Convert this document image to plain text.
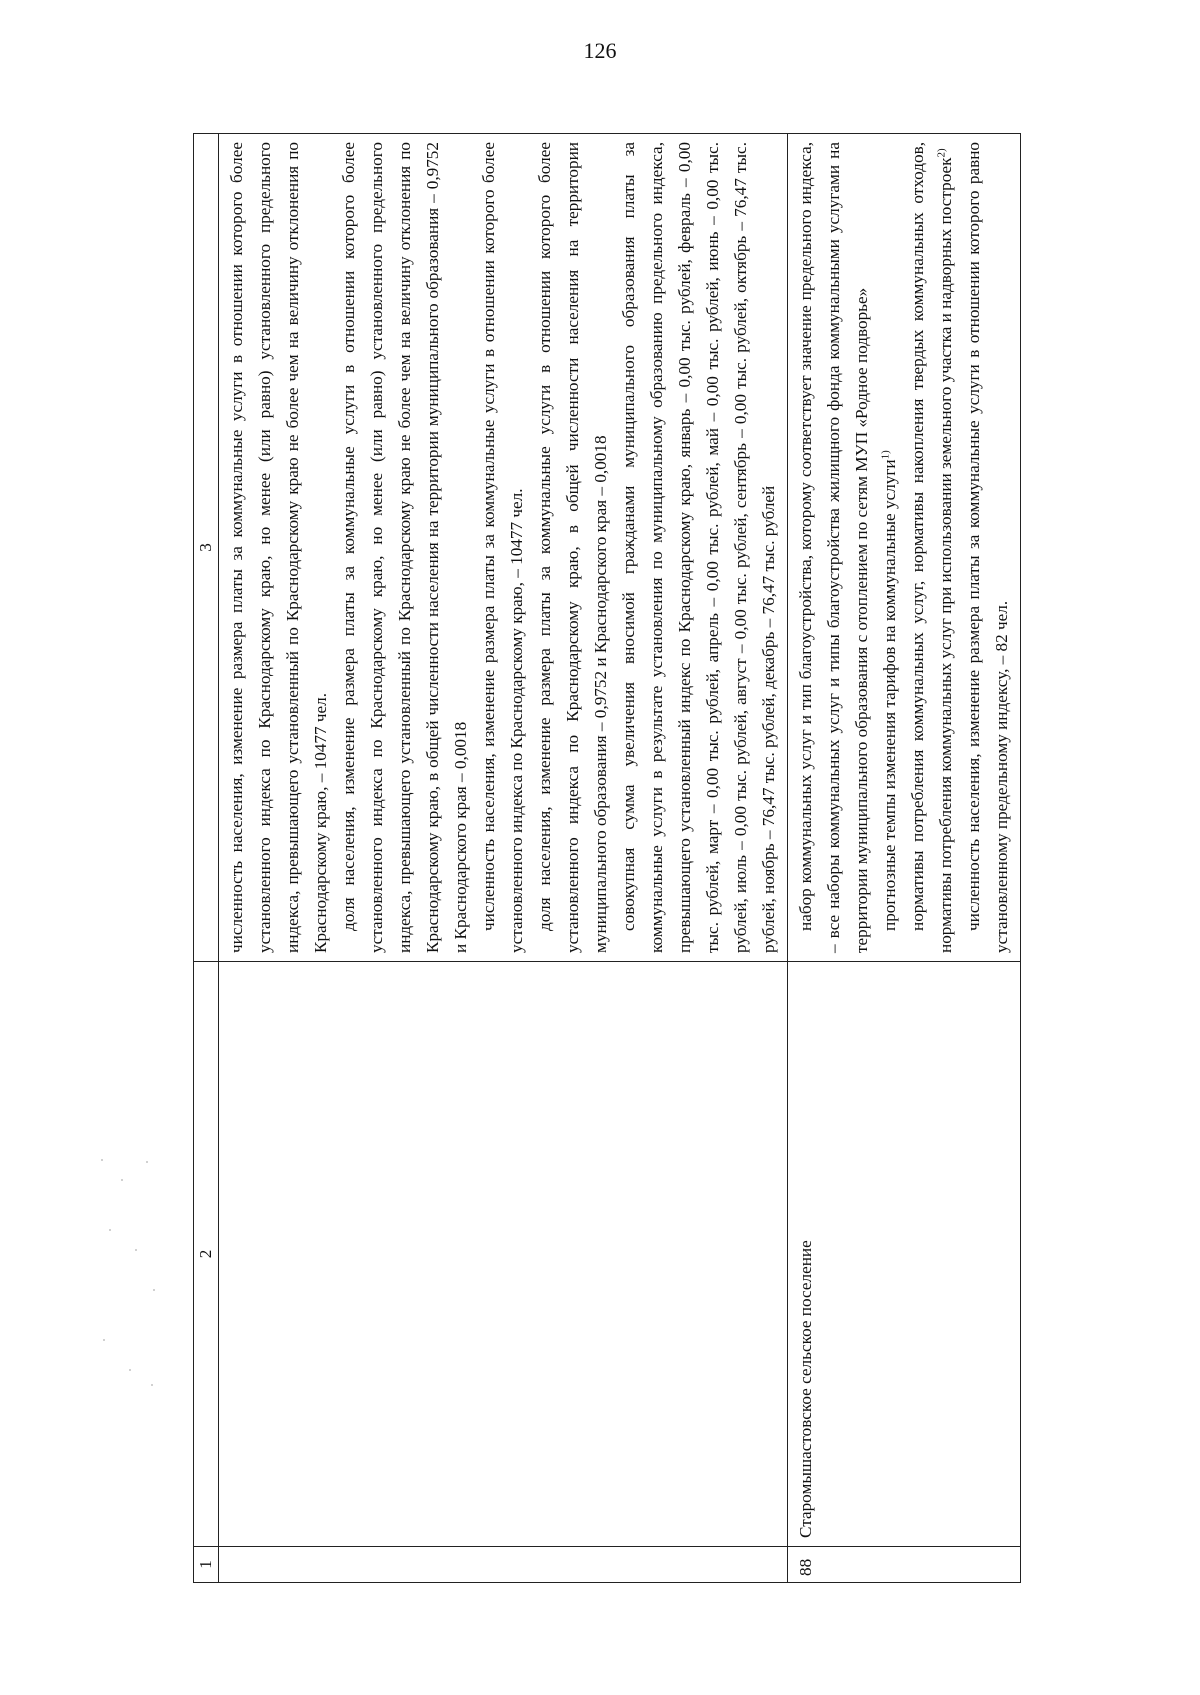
126
1	2	3

		численность населения, изменение размера платы за коммунальные услуги в отношении которого более установленного индекса по Краснодарскому краю, но менее (или равно) установленного предельного индекса, превышающего установленный по Краснодарскому краю не более чем на величину отклонения по Краснодарскому краю, – 10477 чел. доля населения, изменение размера платы за коммунальные услуги в отношении которого более установленного индекса по Краснодарскому краю, но менее (или равно) установленного предельного индекса, превышающего установленный по Краснодарскому краю не более чем на величину отклонения по Краснодарскому краю, в общей численности населения на территории муниципального образования – 0,9752 и Краснодарского края – 0,0018 численность населения, изменение размера платы за коммунальные услуги в отношении которого более установленного индекса по Краснодарскому краю, – 10477 чел. доля населения, изменение размера платы за коммунальные услуги в отношении которого более установленного индекса по Краснодарскому краю, в общей численности населения на территории муниципального образования – 0,9752 и Краснодарского края – 0,0018 совокупная сумма увеличения вносимой гражданами муниципального образования платы за коммунальные услуги в результате установления по муниципальному образованию предельного индекса, превышающего установленный индекс по Краснодарскому краю, январь – 0,00 тыс. рублей, февраль – 0,00 тыс. рублей, март – 0,00 тыс. рублей, апрель – 0,00 тыс. рублей, май – 0,00 тыс. рублей, июнь – 0,00 тыс. рублей, июль – 0,00 тыс. рублей, август – 0,00 тыс. рублей, сентябрь – 0,00 тыс. рублей, октябрь – 76,47 тыс. рублей, ноябрь – 76,47 тыс. рублей, декабрь – 76,47 тыс. рублей

88	Старомышастовское сельское поселение	набор коммунальных услуг и тип благоустройства, которому соответствует значение предельного индекса, – все наборы коммунальных услуг и типы благоустройства жилищного фонда коммунальными услугами на территории муниципального образования с отоплением по сетям МУП «Родное подворье» прогнозные темпы изменения тарифов на коммунальные услуги$^{1)}$ нормативы потребления коммунальных услуг, нормативы накопления твердых коммунальных отходов, нормативы потребления коммунальных услуг при использовании земельного участка и надворных построек$^{2)}$ численность населения, изменение размера платы за коммунальные услуги в отношении которого равно установленному предельному индексу, – 82 чел.
